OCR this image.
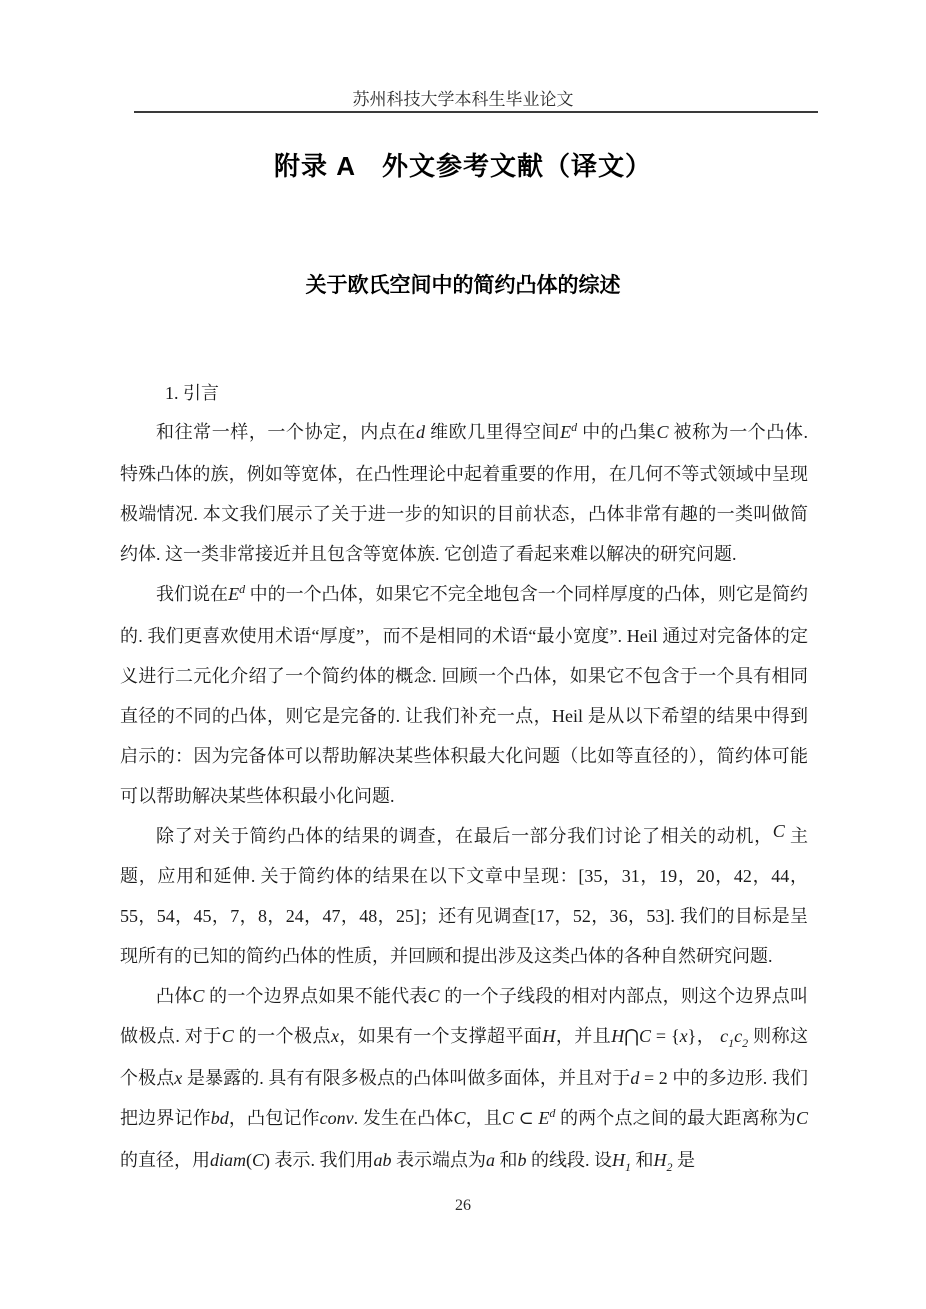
苏州科技大学本科生毕业论文
附录 A　外文参考文献（译文）
关于欧氏空间中的简约凸体的综述
1. 引言

和往常一样，一个协定，内点在d 维欧几里得空间$E^d$ 中的凸集C 被称为一个凸体. 特殊凸体的族，例如等宽体，在凸性理论中起着重要的作用，在几何不等式领域中呈现极端情况. 本文我们展示了关于进一步的知识的目前状态，凸体非常有趣的一类叫做简约体. 这一类非常接近并且包含等宽体族. 它创造了看起来难以解决的研究问题.

我们说在$E^d$ 中的一个凸体，如果它不完全地包含一个同样厚度的凸体，则它是简约的. 我们更喜欢使用术语“厚度”，而不是相同的术语“最小宽度”. Heil 通过对完备体的定义进行二元化介绍了一个简约体的概念. 回顾一个凸体，如果它不包含于一个具有相同直径的不同的凸体，则它是完备的. 让我们补充一点，Heil 是从以下希望的结果中得到启示的：因为完备体可以帮助解决某些体积最大化问题（比如等直径的），简约体可能可以帮助解决某些体积最小化问题.

除了对关于简约凸体的结果的调查，在最后一部分我们讨论了相关的动机，C 主题，应用和延伸. 关于简约体的结果在以下文章中呈现：[35，31，19，20，42，44，55，54，45，7，8，24，47，48，25]；还有见调查[17，52，36，53]. 我们的目标是呈现所有的已知的简约凸体的性质，并回顾和提出涉及这类凸体的各种自然研究问题.

凸体C 的一个边界点如果不能代表C 的一个子线段的相对内部点，则这个边界点叫做极点. 对于C 的一个极点x，如果有一个支撑超平面H，并且H⋂C = {x}， $c_1c_2$ 则称这个极点x 是暴露的. 具有有限多极点的凸体叫做多面体，并且对于d = 2 中的多边形. 我们把边界记作bd，凸包记作conv. 发生在凸体C，且C ⊂ $E^d$ 的两个点之间的最大距离称为C 的直径，用diam(C) 表示. 我们用ab 表示端点为a 和b 的线段. 设$H_1$ 和$H_2$ 是

26
